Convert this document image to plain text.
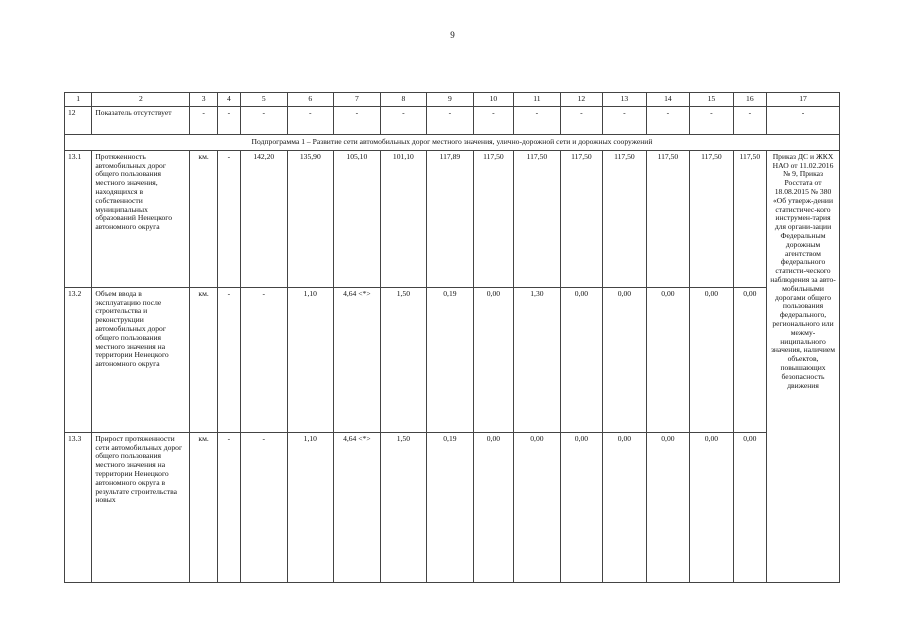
9
1	2	3	4	5	6	7	8	9	10	11	12	13	14	15	16	17
12	Показатель отсутствует	-	-	-	-	-	-	-	-	-	-	-	-	-	-	-
Подпрограмма 1 – Развитие сети автомобильных дорог местного значения, улично-дорожной сети и дорожных сооружений																
13.1	Протяженность автомобильных дорог общего пользования местного значения, находящихся в собственности муниципальных образований Ненецкого автономного округа	км.	-	142,20	135,90	105,10	101,10	117,89	117,50	117,50	117,50	117,50	117,50	117,50	117,50	Приказ ДС и ЖКХ НАО от 11.02.2016 № 9, Приказ Росстата от 18.08.2015 № 380 «Об утверж-дении статистичес-кого инструмен-тария для органи-зации Федеральным дорожным агентством федерального статисти-ческого наблюдения за авто-мобильными дорогами общего пользования федерального, регионального или межму-ниципального значения, наличием объектов, повышающих безопасность движения
13.2	Объем ввода в эксплуатацию после строительства и реконструкции автомобильных дорог общего пользования местного значения на территории Ненецкого автономного округа	км.	-	-	1,10	4,64 <*>	1,50	0,19	0,00	1,30	0,00	0,00	0,00	0,00	0,00	
13.3	Прирост протяженности сети автомобильных дорог общего пользования местного значения на территории Ненецкого автономного округа в результате строительства новых	км.	-	-	1,10	4,64 <*>	1,50	0,19	0,00	0,00	0,00	0,00	0,00	0,00	0,00	
